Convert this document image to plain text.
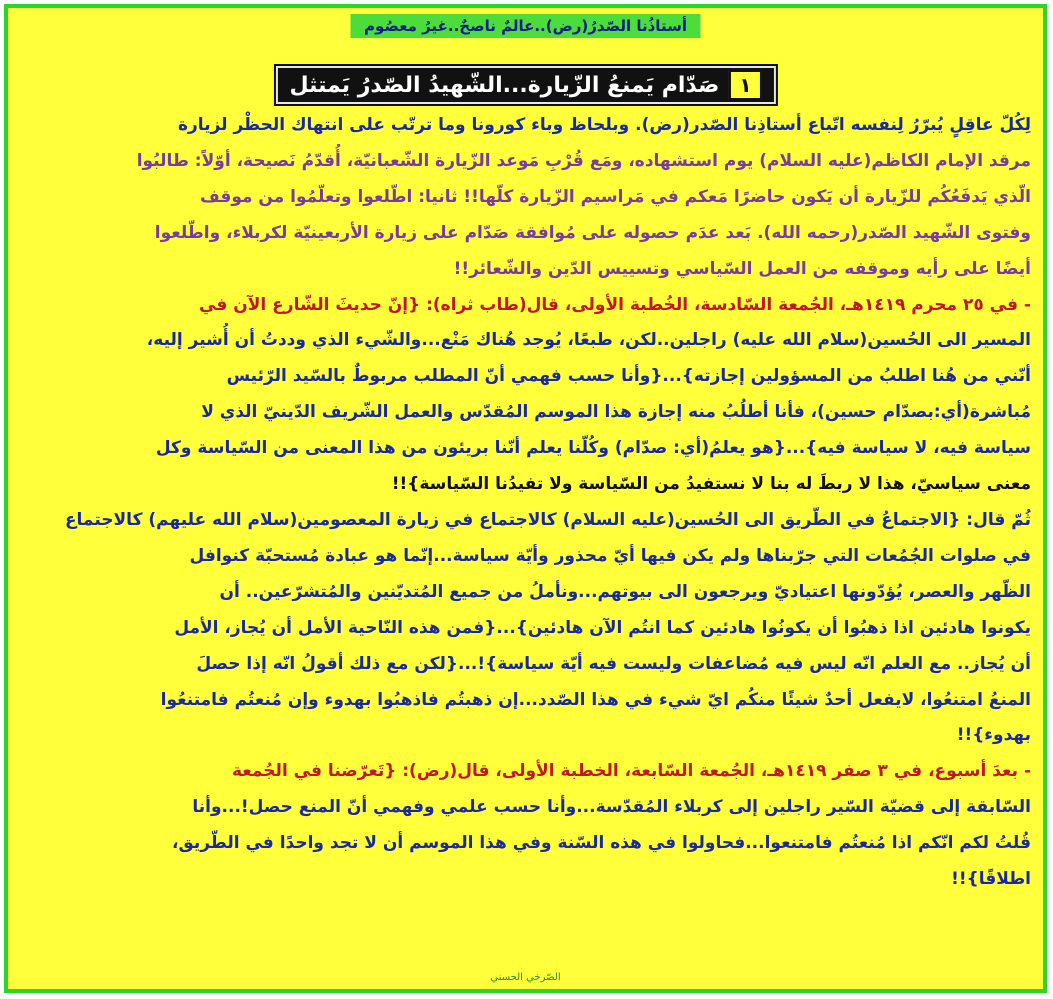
أستاذُنا الصّدرُ(رض)..عالمٌ ناصحٌ..غيرُ معصُوم
١
صَدّام يَمنعُ الزّيارة...الشّهيدُ الصّدرُ يَمتثل
لِكُلّ عاقِلٍ يُبرّرُ لِنفسه اتّباع أستاذِنا الصّدر(رض). وبلحاظ وباء كورونا وما ترتّب على انتهاك الحظْر لزيارة
مرقد الإمام الكاظم(عليه السلام) يوم استشهاده، ومَع قُرْبِ مَوعد الزّيارة الشّعبانيّة، أُقدّمُ نَصيحة، أوّلاً: طالبُوا
الّذي يَدفَعُكُم للزّيارة أن يَكون حاضرًا مَعكم في مَراسيم الزّيارة كلّها!! ثانيا: اطّلعوا وتعلّمُوا من موقف
وفتوى الشّهيد الصّدر(رحمه الله). بَعد عدَم حصوله على مُوافقة صَدّام على زيارة الأربعينيّة لكربلاء، واطّلعوا
أيضًا على رأيه وموقفه من العمل السّياسي وتسييس الدّين والشّعائر!!
- في ٢٥ محرم ١٤١٩هـ، الجُمعة السّادسة، الخُطبة الأولى، قال(طاب ثراه): {إنّ حديثَ الشّارع الآن في
المسير الى الحُسين(سلام الله عليه) راجلين..لكن، طبعًا، يُوجد هُناك مَنْع...والشّيء الذي وددتُ أن أُشير إليه،
أنّني من هُنا اطلبُ من المسؤولين إجازته}...{وأنا حسب فهمي أنّ المطلب مربوطٌ بالسّيد الرّئيس
مُباشرة(أي:بصدّام حسين)، فأنا أطلُبُ منه إجازة هذا الموسم المُقدّس والعمل الشّريف الدّينيّ الذي لا
سياسة فيه، لا سياسة فيه}...{هو يعلمُ(أي: صدّام) وكُلّنا يعلم أنّنا بريئون من هذا المعنى من السّياسة وكل
معنى سياسيّ، هذا لا ربطَ له بنا لا نستفيدُ من السّياسة ولا تفيدُنا السّياسة}!!
ثُمّ قال: {الاجتماعُ في الطّريق الى الحُسين(عليه السلام) كالاجتماع في زيارة المعصومين(سلام الله عليهم) كالاجتماع
في صلوات الجُمُعات التي جرّبناها ولم يكن فيها أيّ محذور وأيّة سياسة...إنّما هو عبادة مُستحبّة كنوافل
الظّهر والعصر، يُؤدّونها اعتياديّ ويرجعون الى بيوتهم...ونأملُ من جميع المُتديّنين والمُتشرّعين.. أن
يكونوا هادئين اذا ذهبُوا أن يكونُوا هادئين كما انتُم الآن هادئين}...{فمن هذه النّاحية الأمل أن يُجاز، الأمل
أن يُجاز.. مع العلم انّه ليس فيه مُضاعفات وليست فيه أيّة سياسة}!...{لكن مع ذلك أقولُ انّه إذا حصلَ
المنعُ امتنعُوا، لايفعل أحدٌ شيئًا منكُم ايّ شيء في هذا الصّدد...إن ذهبتُم فاذهبُوا بهدوء وإن مُنعتُم فامتنعُوا
بهدوء}!!
- بعدَ أسبوع، في ٣ صفر ١٤١٩هـ، الجُمعة السّابعة، الخطبة الأولى، قال(رض): {تَعرّضنا في الجُمعة
السّابقة إلى قضيّة السّير راجلين إلى كربلاء المُقدّسة...وأنا حسب علمي وفهمي أنّ المنع حصل!...وأنا
قُلتُ لكم انّكم اذا مُنعتُم فامتنعوا...فحاولوا في هذه السّنة وفي هذا الموسم أن لا تجد واحدًا في الطّريق،
اطلاقًا}!!
الصّرخي الحسني
